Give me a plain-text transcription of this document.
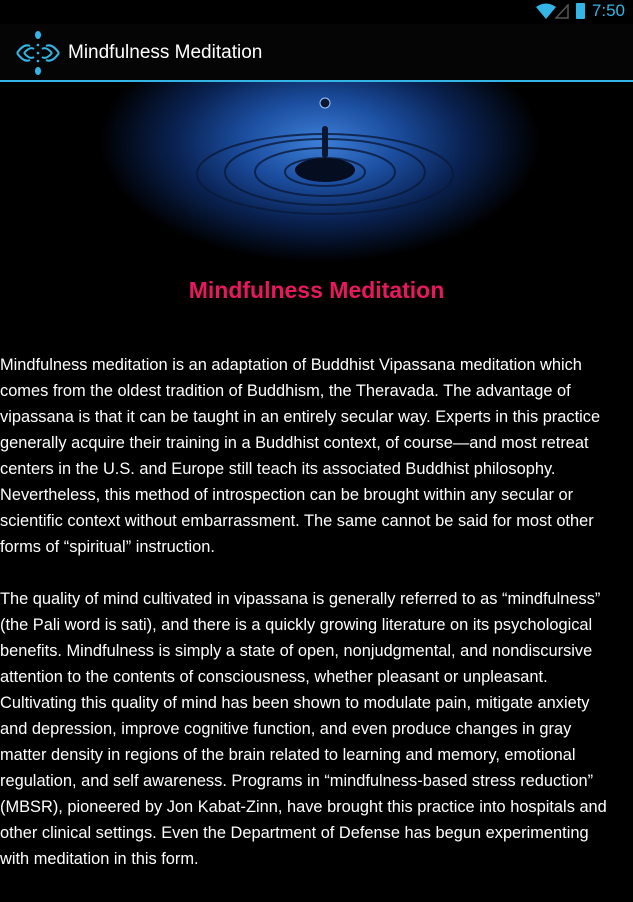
7:50
Mindfulness Meditation
Mindfulness Meditation
Mindfulness meditation is an adaptation of Buddhist Vipassana meditation which
comes from the oldest tradition of Buddhism, the Theravada. The advantage of
vipassana is that it can be taught in an entirely secular way. Experts in this practice
generally acquire their training in a Buddhist context, of course—and most retreat
centers in the U.S. and Europe still teach its associated Buddhist philosophy.
Nevertheless, this method of introspection can be brought within any secular or
scientific context without embarrassment. The same cannot be said for most other
forms of “spiritual” instruction.
The quality of mind cultivated in vipassana is generally referred to as “mindfulness”
(the Pali word is sati), and there is a quickly growing literature on its psychological
benefits. Mindfulness is simply a state of open, nonjudgmental, and nondiscursive
attention to the contents of consciousness, whether pleasant or unpleasant.
Cultivating this quality of mind has been shown to modulate pain, mitigate anxiety
and depression, improve cognitive function, and even produce changes in gray
matter density in regions of the brain related to learning and memory, emotional
regulation, and self awareness. Programs in “mindfulness-based stress reduction”
(MBSR), pioneered by Jon Kabat-Zinn, have brought this practice into hospitals and
other clinical settings. Even the Department of Defense has begun experimenting
with meditation in this form.
